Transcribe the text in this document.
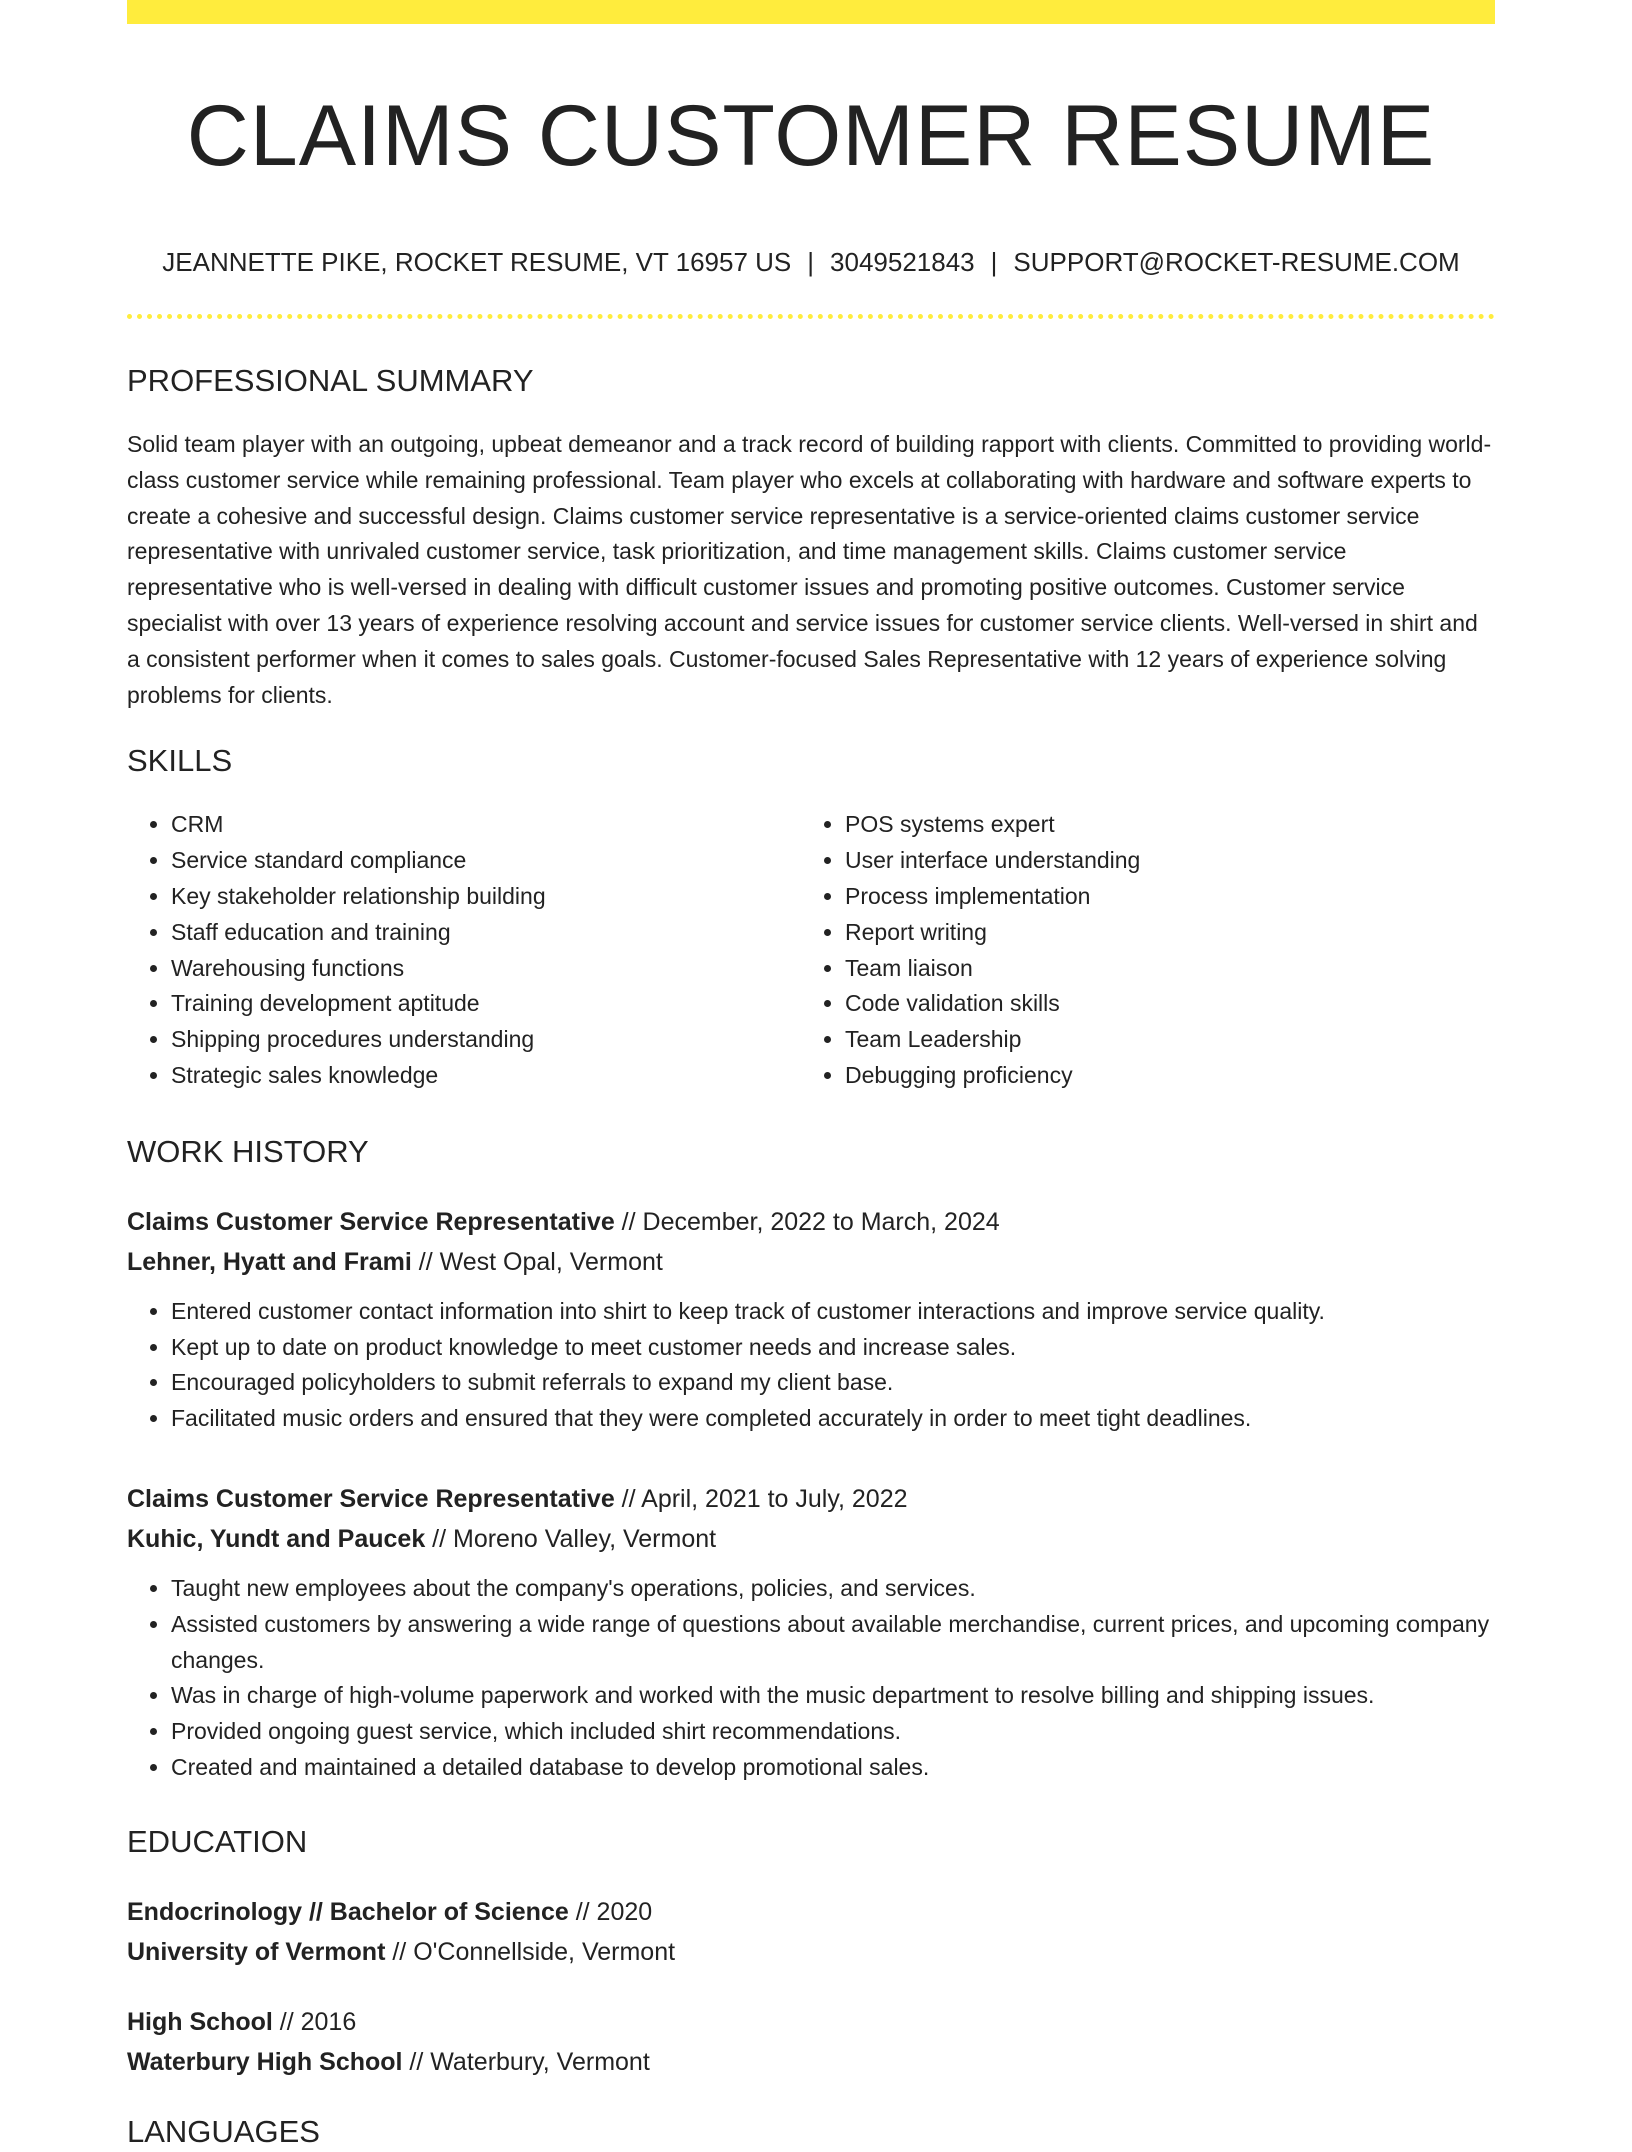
CLAIMS CUSTOMER RESUME
JEANNETTE PIKE, ROCKET RESUME, VT 16957 US | 3049521843 | SUPPORT@ROCKET-RESUME.COM
PROFESSIONAL SUMMARY
Solid team player with an outgoing, upbeat demeanor and a track record of building rapport with clients. Committed to providing world-class customer service while remaining professional. Team player who excels at collaborating with hardware and software experts to create a cohesive and successful design. Claims customer service representative is a service-oriented claims customer service representative with unrivaled customer service, task prioritization, and time management skills. Claims customer service representative who is well-versed in dealing with difficult customer issues and promoting positive outcomes. Customer service specialist with over 13 years of experience resolving account and service issues for customer service clients. Well-versed in shirt and a consistent performer when it comes to sales goals. Customer-focused Sales Representative with 12 years of experience solving problems for clients.
SKILLS
• CRM
• Service standard compliance
• Key stakeholder relationship building
• Staff education and training
• Warehousing functions
• Training development aptitude
• Shipping procedures understanding
• Strategic sales knowledge
• POS systems expert
• User interface understanding
• Process implementation
• Report writing
• Team liaison
• Code validation skills
• Team Leadership
• Debugging proficiency
WORK HISTORY
Claims Customer Service Representative // December, 2022 to March, 2024
Lehner, Hyatt and Frami // West Opal, Vermont
• Entered customer contact information into shirt to keep track of customer interactions and improve service quality.
• Kept up to date on product knowledge to meet customer needs and increase sales.
• Encouraged policyholders to submit referrals to expand my client base.
• Facilitated music orders and ensured that they were completed accurately in order to meet tight deadlines.
Claims Customer Service Representative // April, 2021 to July, 2022
Kuhic, Yundt and Paucek // Moreno Valley, Vermont
• Taught new employees about the company's operations, policies, and services.
• Assisted customers by answering a wide range of questions about available merchandise, current prices, and upcoming company changes.
• Was in charge of high-volume paperwork and worked with the music department to resolve billing and shipping issues.
• Provided ongoing guest service, which included shirt recommendations.
• Created and maintained a detailed database to develop promotional sales.
EDUCATION
Endocrinology // Bachelor of Science // 2020
University of Vermont // O'Connellside, Vermont
High School // 2016
Waterbury High School // Waterbury, Vermont
LANGUAGES
